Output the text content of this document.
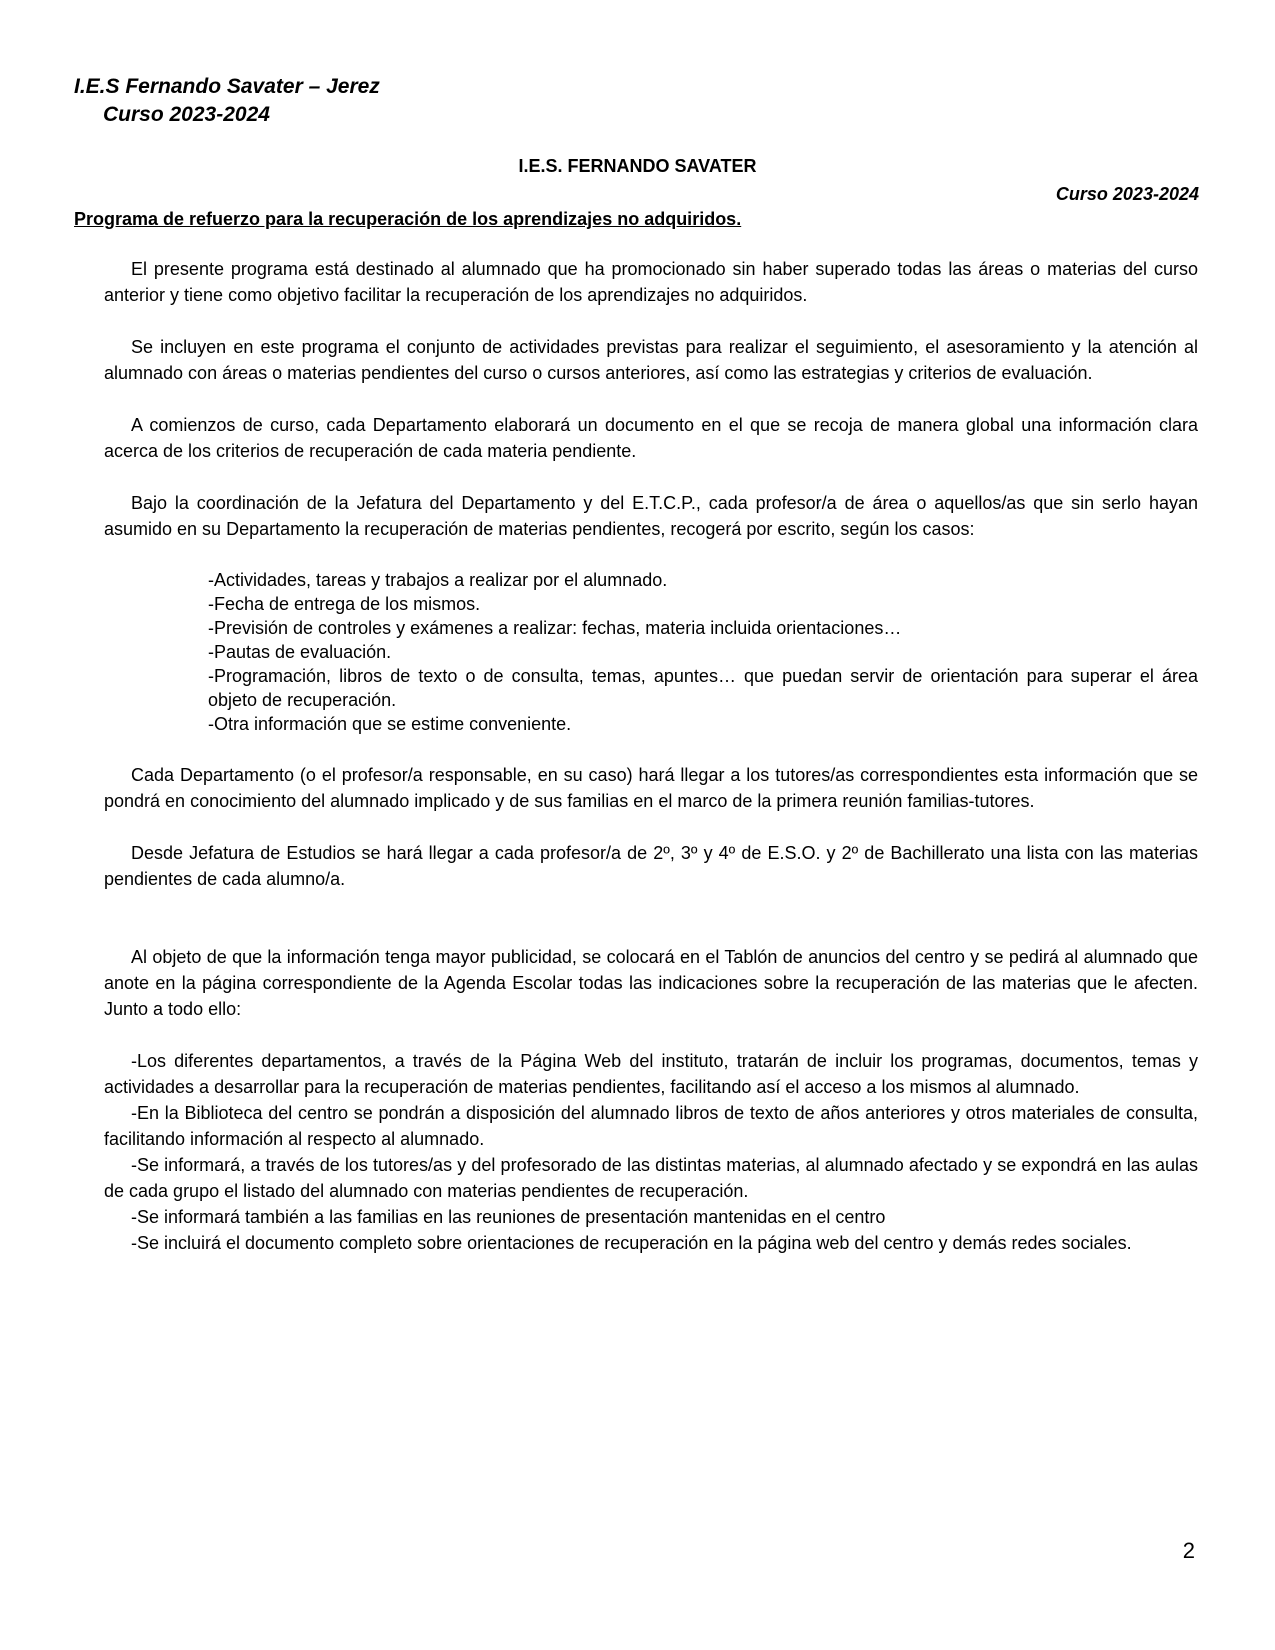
I.E.S Fernando Savater – Jerez
Curso 2023-2024
I.E.S. FERNANDO SAVATER
Curso 2023-2024
Programa de refuerzo para la recuperación de los aprendizajes no adquiridos.

El presente programa está destinado al alumnado que ha promocionado sin haber superado todas las áreas o materias del curso anterior y tiene como objetivo facilitar la recuperación de los aprendizajes no adquiridos.

Se incluyen en este programa el conjunto de actividades previstas para realizar el seguimiento, el asesoramiento y la atención al alumnado con áreas o materias pendientes del curso o cursos anteriores, así como las estrategias y criterios de evaluación.

A comienzos de curso, cada Departamento elaborará un documento en el que se recoja de manera global una información clara acerca de los criterios de recuperación de cada materia pendiente.

Bajo la coordinación de la Jefatura del Departamento y del E.T.C.P., cada profesor/a de área o aquellos/as que sin serlo hayan asumido en su Departamento la recuperación de materias pendientes, recogerá por escrito, según los casos:

-Actividades, tareas y trabajos a realizar por el alumnado.
-Fecha de entrega de los mismos.
-Previsión de controles y exámenes a realizar: fechas, materia incluida orientaciones…
-Pautas de evaluación.
-Programación, libros de texto o de consulta, temas, apuntes… que puedan servir de orientación para superar el área objeto de recuperación.
-Otra información que se estime conveniente.

Cada Departamento (o el profesor/a responsable, en su caso) hará llegar a los tutores/as correspondientes esta información que se pondrá en conocimiento del alumnado implicado y de sus familias en el marco de la primera reunión familias-tutores.

Desde Jefatura de Estudios se hará llegar a cada profesor/a de 2º, 3º y 4º de E.S.O. y 2º de Bachillerato una lista con las materias pendientes de cada alumno/a.

Al objeto de que la información tenga mayor publicidad, se colocará en el Tablón de anuncios del centro y se pedirá al alumnado que anote en la página correspondiente de la Agenda Escolar todas las indicaciones sobre la recuperación de las materias que le afecten. Junto a todo ello:

-Los diferentes departamentos, a través de la Página Web del instituto, tratarán de incluir los programas, documentos, temas y actividades a desarrollar para la recuperación de materias pendientes, facilitando así el acceso a los mismos al alumnado.

-En la Biblioteca del centro se pondrán a disposición del alumnado libros de texto de años anteriores y otros materiales de consulta, facilitando información al respecto al alumnado.

-Se informará, a través de los tutores/as y del profesorado de las distintas materias, al alumnado afectado y se expondrá en las aulas de cada grupo el listado del alumnado con materias pendientes de recuperación.

-Se informará también a las familias en las reuniones de presentación mantenidas en el centro

-Se incluirá el documento completo sobre orientaciones de recuperación en la página web del centro y demás redes sociales.

2
